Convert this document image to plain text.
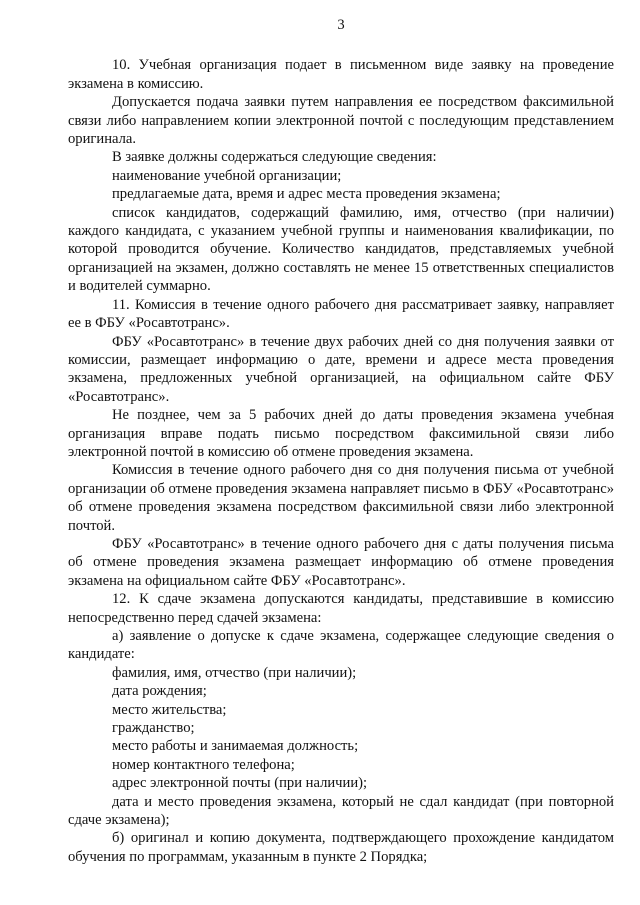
3

10. Учебная организация подает в письменном виде заявку на проведение экзамена в комиссию.

Допускается подача заявки путем направления ее посредством факсимильной связи либо направлением копии электронной почтой с последующим представлением оригинала.

В заявке должны содержаться следующие сведения:

наименование учебной организации;

предлагаемые дата, время и адрес места проведения экзамена;

список кандидатов, содержащий фамилию, имя, отчество (при наличии) каждого кандидата, с указанием учебной группы и наименования квалификации, по которой проводится обучение. Количество кандидатов, представляемых учебной организацией на экзамен, должно составлять не менее 15 ответственных специалистов и водителей суммарно.

11. Комиссия в течение одного рабочего дня рассматривает заявку, направляет ее в ФБУ «Росавтотранс».

ФБУ «Росавтотранс» в течение двух рабочих дней со дня получения заявки от комиссии, размещает информацию о дате, времени и адресе места проведения экзамена, предложенных учебной организацией, на официальном сайте ФБУ «Росавтотранс».

Не позднее, чем за 5 рабочих дней до даты проведения экзамена учебная организация вправе подать письмо посредством факсимильной связи либо электронной почтой в комиссию об отмене проведения экзамена.

Комиссия в течение одного рабочего дня со дня получения письма от учебной организации об отмене проведения экзамена направляет письмо в ФБУ «Росавтотранс» об отмене проведения экзамена посредством факсимильной связи либо электронной почтой.

ФБУ «Росавтотранс» в течение одного рабочего дня с даты получения письма об отмене проведения экзамена размещает информацию об отмене проведения экзамена на официальном сайте ФБУ «Росавтотранс».

12. К сдаче экзамена допускаются кандидаты, представившие в комиссию непосредственно перед сдачей экзамена:

а) заявление о допуске к сдаче экзамена, содержащее следующие сведения о кандидате:

фамилия, имя, отчество (при наличии);

дата рождения;

место жительства;

гражданство;

место работы и занимаемая должность;

номер контактного телефона;

адрес электронной почты (при наличии);

дата и место проведения экзамена, который не сдал кандидат (при повторной сдаче экзамена);

б) оригинал и копию документа, подтверждающего прохождение кандидатом обучения по программам, указанным в пункте 2 Порядка;
